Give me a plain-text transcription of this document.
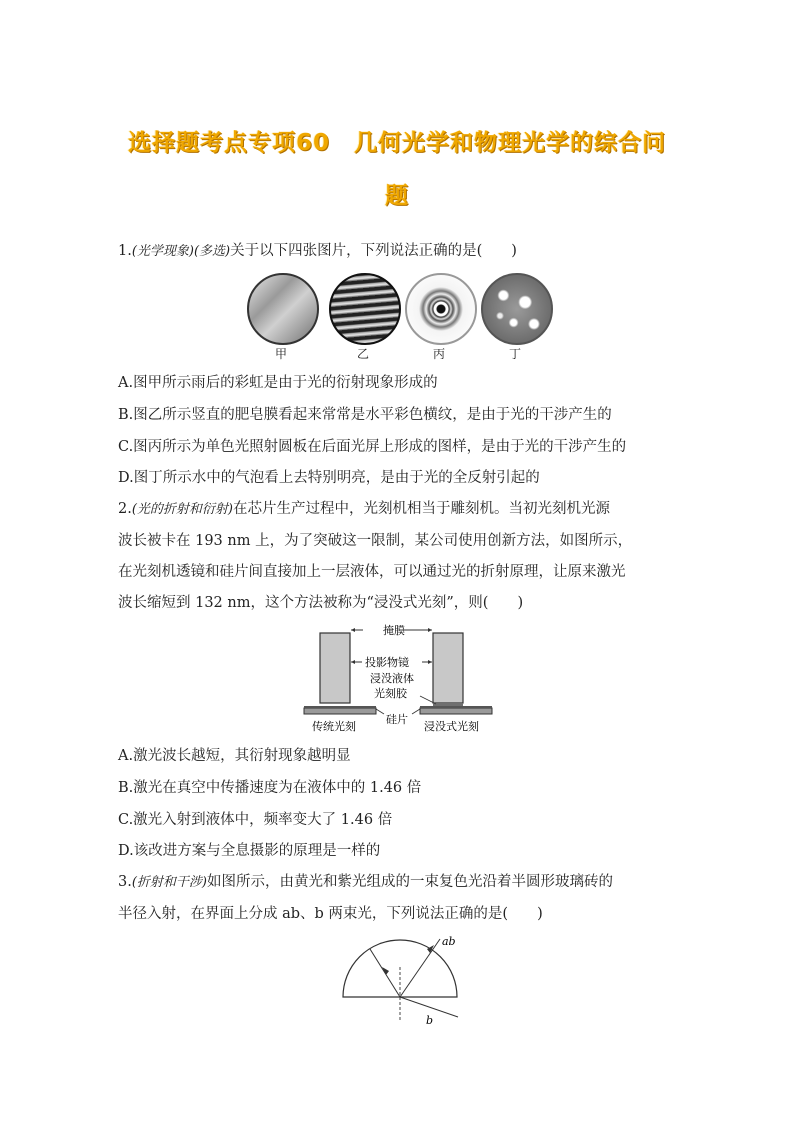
选择题考点专项60　几何光学和物理光学的综合问
题
1.(光学现象)(多选)关于以下四张图片，下列说法正确的是(　　)
甲	乙	丙	丁
A.图甲所示雨后的彩虹是由于光的衍射现象形成的
B.图乙所示竖直的肥皂膜看起来常常是水平彩色横纹，是由于光的干涉产生的
C.图丙所示为单色光照射圆板在后面光屏上形成的图样，是由于光的干涉产生的
D.图丁所示水中的气泡看上去特别明亮，是由于光的全反射引起的
2.(光的折射和衍射)在芯片生产过程中，光刻机相当于雕刻机。当初光刻机光源
波长被卡在 193 nm 上，为了突破这一限制，某公司使用创新方法，如图所示，
在光刻机透镜和硅片间直接加上一层液体，可以通过光的折射原理，让原来激光
波长缩短到 132 nm，这个方法被称为“浸没式光刻”，则(　　)
掩膜
投影物镜
浸没液体
光刻胶
传统光刻
硅片
浸没式光刻
A.激光波长越短，其衍射现象越明显
B.激光在真空中传播速度为在液体中的 1.46 倍
C.激光入射到液体中，频率变大了 1.46 倍
D.该改进方案与全息摄影的原理是一样的
3.(折射和干涉)如图所示，由黄光和紫光组成的一束复色光沿着半圆形玻璃砖的
半径入射，在界面上分成 ab、b 两束光，下列说法正确的是(　　)
ab
b
